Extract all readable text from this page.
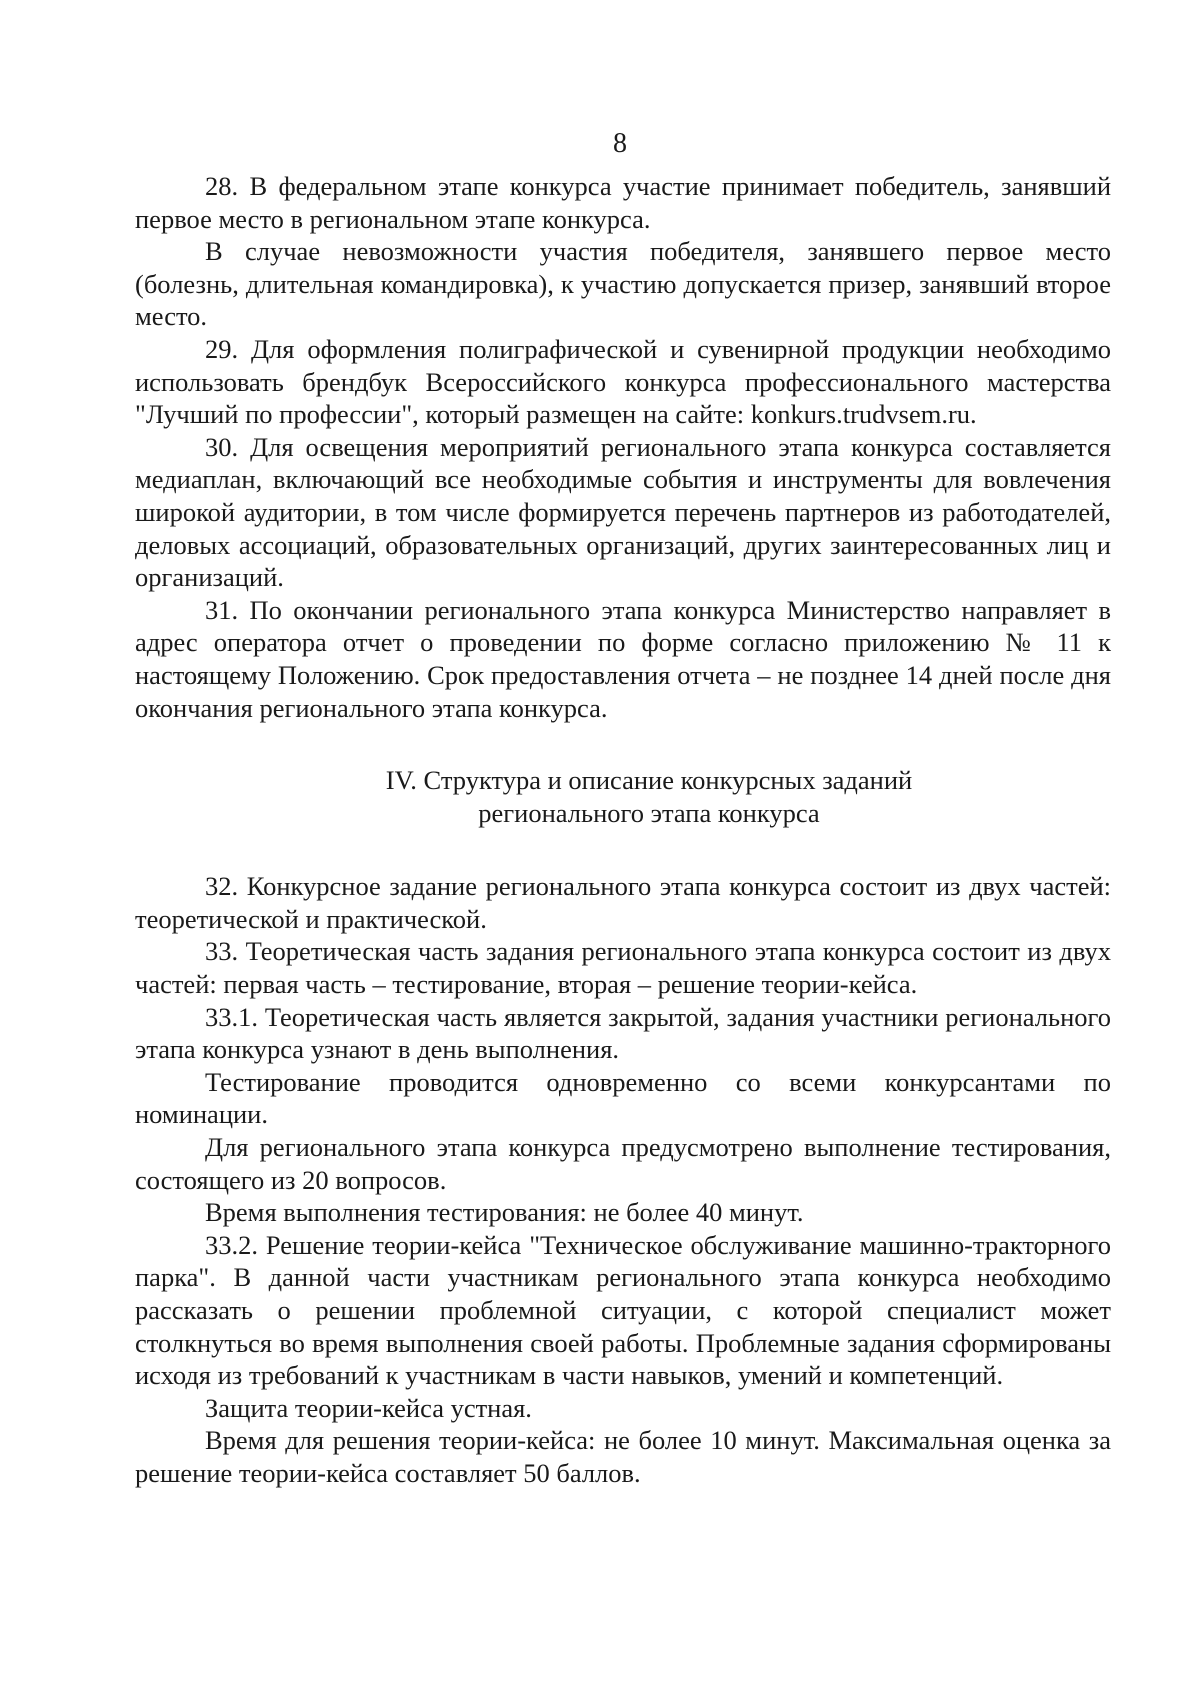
8

28. В федеральном этапе конкурса участие принимает победитель, занявший первое место в региональном этапе конкурса.

В случае невозможности участия победителя, занявшего первое место (болезнь, длительная командировка), к участию допускается призер, занявший второе место.

29. Для оформления полиграфической и сувенирной продукции необходимо использовать брендбук Всероссийского конкурса профессионального мастерства "Лучший по профессии", который размещен на сайте: konkurs.trudvsem.ru.

30. Для освещения мероприятий регионального этапа конкурса составляется медиаплан, включающий все необходимые события и инструменты для вовлечения широкой аудитории, в том числе формируется перечень партнеров из работодателей, деловых ассоциаций, образовательных организаций, других заинтересованных лиц и организаций.

31. По окончании регионального этапа конкурса Министерство направляет в адрес оператора отчет о проведении по форме согласно приложению № 11 к настоящему Положению. Срок предоставления отчета – не позднее 14 дней после дня окончания регионального этапа конкурса.

IV. Структура и описание конкурсных заданий
регионального этапа конкурса

32. Конкурсное задание регионального этапа конкурса состоит из двух частей: теоретической и практической.

33. Теоретическая часть задания регионального этапа конкурса состоит из двух частей: первая часть – тестирование, вторая – решение теории-кейса.

33.1. Теоретическая часть является закрытой, задания участники регионального этапа конкурса узнают в день выполнения.

Тестирование проводится одновременно со всеми конкурсантами по номинации.

Для регионального этапа конкурса предусмотрено выполнение тестирования, состоящего из 20 вопросов.

Время выполнения тестирования: не более 40 минут.

33.2. Решение теории-кейса "Техническое обслуживание машинно-тракторного парка". В данной части участникам регионального этапа конкурса необходимо рассказать о решении проблемной ситуации, с которой специалист может столкнуться во время выполнения своей работы. Проблемные задания сформированы исходя из требований к участникам в части навыков, умений и компетенций.

Защита теории-кейса устная.

Время для решения теории-кейса: не более 10 минут. Максимальная оценка за решение теории-кейса составляет 50 баллов.
